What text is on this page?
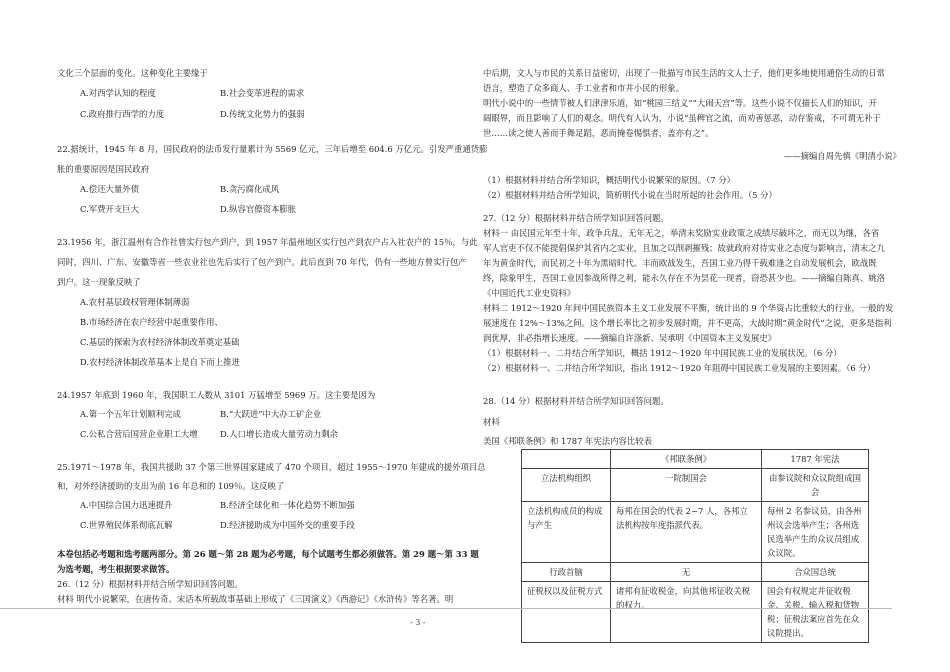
文化三个层面的变化。这种变化主要缘于

A.对西学认知的程度	B.社会变革进程的需求
C.政府推行西学的力度	D.传统文化势力的强弱

22.据统计，1945 年 8 月，国民政府的法币发行量累计为 5569 亿元，三年后增至 604.6 万亿元。引发严重通货膨

胀的重要原因是国民政府

A.偿还大量外债	B.贪污腐化成风
C.军费开支巨大	D.纵容官僚资本膨胀

23.1956 年，浙江温州有合作社曾实行包产到户，到 1957 年温州地区实行包产到农户占入社农户的 15％，与此

同时，四川、广东、安徽等省一些农业社也先后实行了包产到户。此后直到 70 年代，仍有一些地方曾实行包产

到户。这一现象反映了

A.农村基层政权管理体制薄弱

B.市场经济在农户经营中起重要作用、

C.基层的探索为农村经济体制改革奠定基础

D.农村经济体制改革基本上是自下而上推进

24.1957 年底到 1960 年，我国职工人数从 3101 万猛增至 5969 万。这主要是因为

A.第一个五年计划顺利完成	B.“大跃进”中大办工矿企业
C.公私合营后国营企业职工大增	D.人口增长造成大量劳动力剩余

25.1971～1978 年，我国共援助 37 个第三世界国家建成了 470 个项目，超过 1955～1970 年建成的援外项目总

和，对外经济援助的支出为前 16 年总和的 109％。这反映了

A.中国综合国力迅速提升	B.经济全球化和一体化趋势不断加强
C.世界殖民体系彻底瓦解	D.经济援助成为中国外交的重要手段

本卷包括必考题和选考题两部分。第 26 题～第 28 题为必考题，每个试题考生都必须做答。第 29 题～第 33 题

为选考题，考生根据要求做答。

26.（12 分）根据材料并结合所学知识回答问题。

材料 明代小说繁荣，在唐传奇、宋话本所载故事基础上形成了《三国演义》《西游记》《水浒传》等名著。明

中后期，文人与市民的关系日益密切，出现了一批描写市民生活的文人士子，他们更多地使用通俗生动的日常

语言，塑造了众多商人、手工业者和市井小民的形象。

明代小说中的一些情节被人们津津乐道，如“桃园三结义”“大闹天宫”等。这些小说不仅描长人们的知识，开

阔眼界，而且影响了人们的观念。明代有人认为，小说“虽稗官之流，而劝善惩恶，动存鉴戒，不可谓无补于

世……读之使人善而手舞足蹈，恶而掩卷惕惧者，盖亦有之”。

——摘编自周先慎《明清小说》

（1）根据材料并结合所学知识，概括明代小说繁荣的原因。（7 分）

（2）根据材料并结合所学知识，简析明代小说在当时所起的社会作用。（5 分）

27.（12 分）根据材料并结合所学知识回答问题。

材料一 由民国元年至十年，政争兵乱，无年无之，举清末奖励实业政策之成绩尽破坏之，而无以为继，各省

军人官吏不仅不能提倡保护其省内之实业，且加之以削剥摧残；故就政府对待实业之态度与影响言，清末之九

年为黄金时代，而民初之十年为黑暗时代。丰而欧战发生，吾国工业乃得千载难逢之自动发展机会，欧战既

终，除象甲生，吾国工业因参战所得之利，能永久存在不为昙花一现者，窃恐甚少也。——摘编自陈真、姚洛

《中国近代工业史资料》

材料二 1912～1920 年间中国民族资本主义工业发展不平衡，统计出的 9 个华资占比重较大的行业，一般的发

展速度在 12%～13%之间。这个增长率比之初步发展时期，并不更高，大战时期“黄金时代”之说，更多是指利

润优厚，非必指增长速度。——摘编自许涤新、吴承明《中国资本主义发展史》

（1）根据材料一、二并结合所学知识，概括 1912～1920 年中国民族工业的发展状况。（6 分）

（2）根据材料一、二并结合所学知识，指出 1912～1920 年阻碍中国民族工业发展的主要因素。（6 分）

28.（14 分）根据材料并结合所学知识回答问题。

材料

美国《邦联条例》和 1787 年宪法内容比较表

	《邦联条例》	1787 年宪法
立法机构组织	一院制国会	由参议院和众议院组成国会
立法机构成员的构成与产生	每邦在国会的代表 2~7 人，各邦立法机构按年度指派代表。	每州 2 名参议员，由各州州议会选举产生；各州选民选举产生的众议员组成众议院。
行政首脑	无	合众国总统
征税权以及征税方式	诸邦有征收税金，向其他邦征收关税的权力。	国会有权规定并征收税金、关税、输入税和货物税；征税法案应首先在众议院提出。
- 3 -
